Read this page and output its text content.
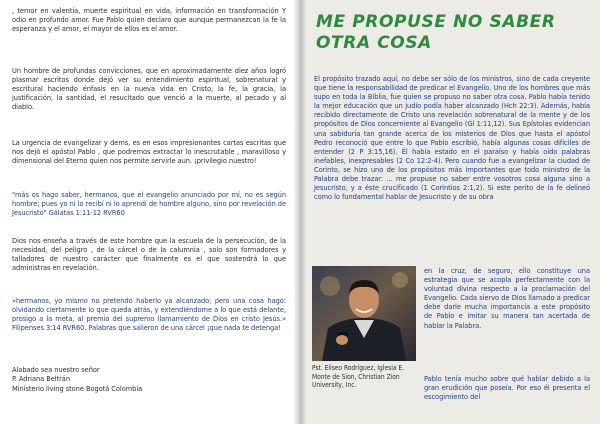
, temor en valentía, muerte espiritual en vida, información en transformación Y odio en profundo amor. Fue Pablo quien declaro que aunque permanezcan la fe la esperanza y el amor, el mayor de ellos es el amor.

Un hombre de profundas convicciones, que en aproximadamente diez años logró plasmar escritos donde dejó ver su entendimiento espiritual, sobrenatural y escritural haciendo énfasis en la nueva vida en Cristo, la fe, la gracia, la justificación, la santidad, el resucitado que venció a la muerte, al pecado y al diablo.

La urgencia de evangelizar y dems, es en esos impresionantes cartas escritas que nos dejó el apóstol Pablo , que podremos extractar lo inescrutable , maravilloso y dimensional del Eterno quien nos permite servirle aun. ¡privilegio nuestro!

"más os hago saber, hermanos, que el evangelio anunciado por mí, no es según hombre; pues yo ni lo recibí ni lo aprendí de hombre alguno, sino por revelación de Jesucristo" Gálatas 1:11-12 RVR60

Dios nos enseña a través de este hombre que la escuela de la persecución, de la necesidad, del peligro , de la cárcel o de la calumnia , solo son formadores y talladores de nuestro carácter que finalmente es el que sostendrá lo que administras en revelación.

«hermanos, yo mismo no pretendo haberlo ya alcanzado; pero una cosa hago: olvidando ciertamente lo que queda atrás, y extendiéndome a lo que está delante, prosigo a la meta, al premio del supremo llamamiento de Dios en cristo Jesús.» Filipenses 3:14 RVR60. Palabras que salieron de una cárcel ¡que nada te detenga!

Alabado sea nuestro señor

P. Adriana Beltrán

Ministerio living stone Bogotá Colombia

ME PROPUSE NO SABER OTRA COSA

El propósito trazado aquí, no debe ser sólo de los ministros, sino de cada creyente que tiene la responsabilidad de predicar el Evangelio. Uno de los hombres que más supo en toda la Biblia, fue quien se propuso no saber otra cosa. Pablo había tenido la mejor educación que un judío podía haber alcanzado (Hch 22:3). Además, había recibido directamente de Cristo una revelación sobrenatural de la mente y de los propósitos de Dios concerniente al Evangelio (Gl 1:11,12). Sus Epístolas evidencian una sabiduría tan grande acerca de los misterios de Dios que hasta el apóstol Pedro reconoció que entre lo que Pablo escribió, había algunas cosas difíciles de entender (2 P 3:15,16). Él había estado en el paraíso y había oído palabras inefables, inexpresables (2 Co 12:2-4). Pero cuando fue a evangelizar la ciudad de Corinto, se hizo uno de los propósitos más importantes que todo ministro de la Palabra debe trazar: ... me propuse no saber entre vosotros cosa alguna sino a Jesucristo, y a éste crucificado (1 Corintios 2:1,2). Si este perito de la fe delineó como lo fundamental hablar de Jesucristo y de su obra

Pst. Eliseo Rodríguez, Iglesia E. Monte de Sion, Christian Zion University, Inc.

en la cruz, de seguro, ello constituye una estrategia que se acopla perfectamente con la voluntad divina respecto a la proclamación del Evangelio. Cada siervo de Dios llamado a predicar debe darle mucha importancia a este propósito de Pablo e imitar su manera tan acertada de hablar la Palabra.

Pablo tenía mucho sobre qué hablar debido a la gran erudición que poseía. Por eso él presenta el escogimiento del
